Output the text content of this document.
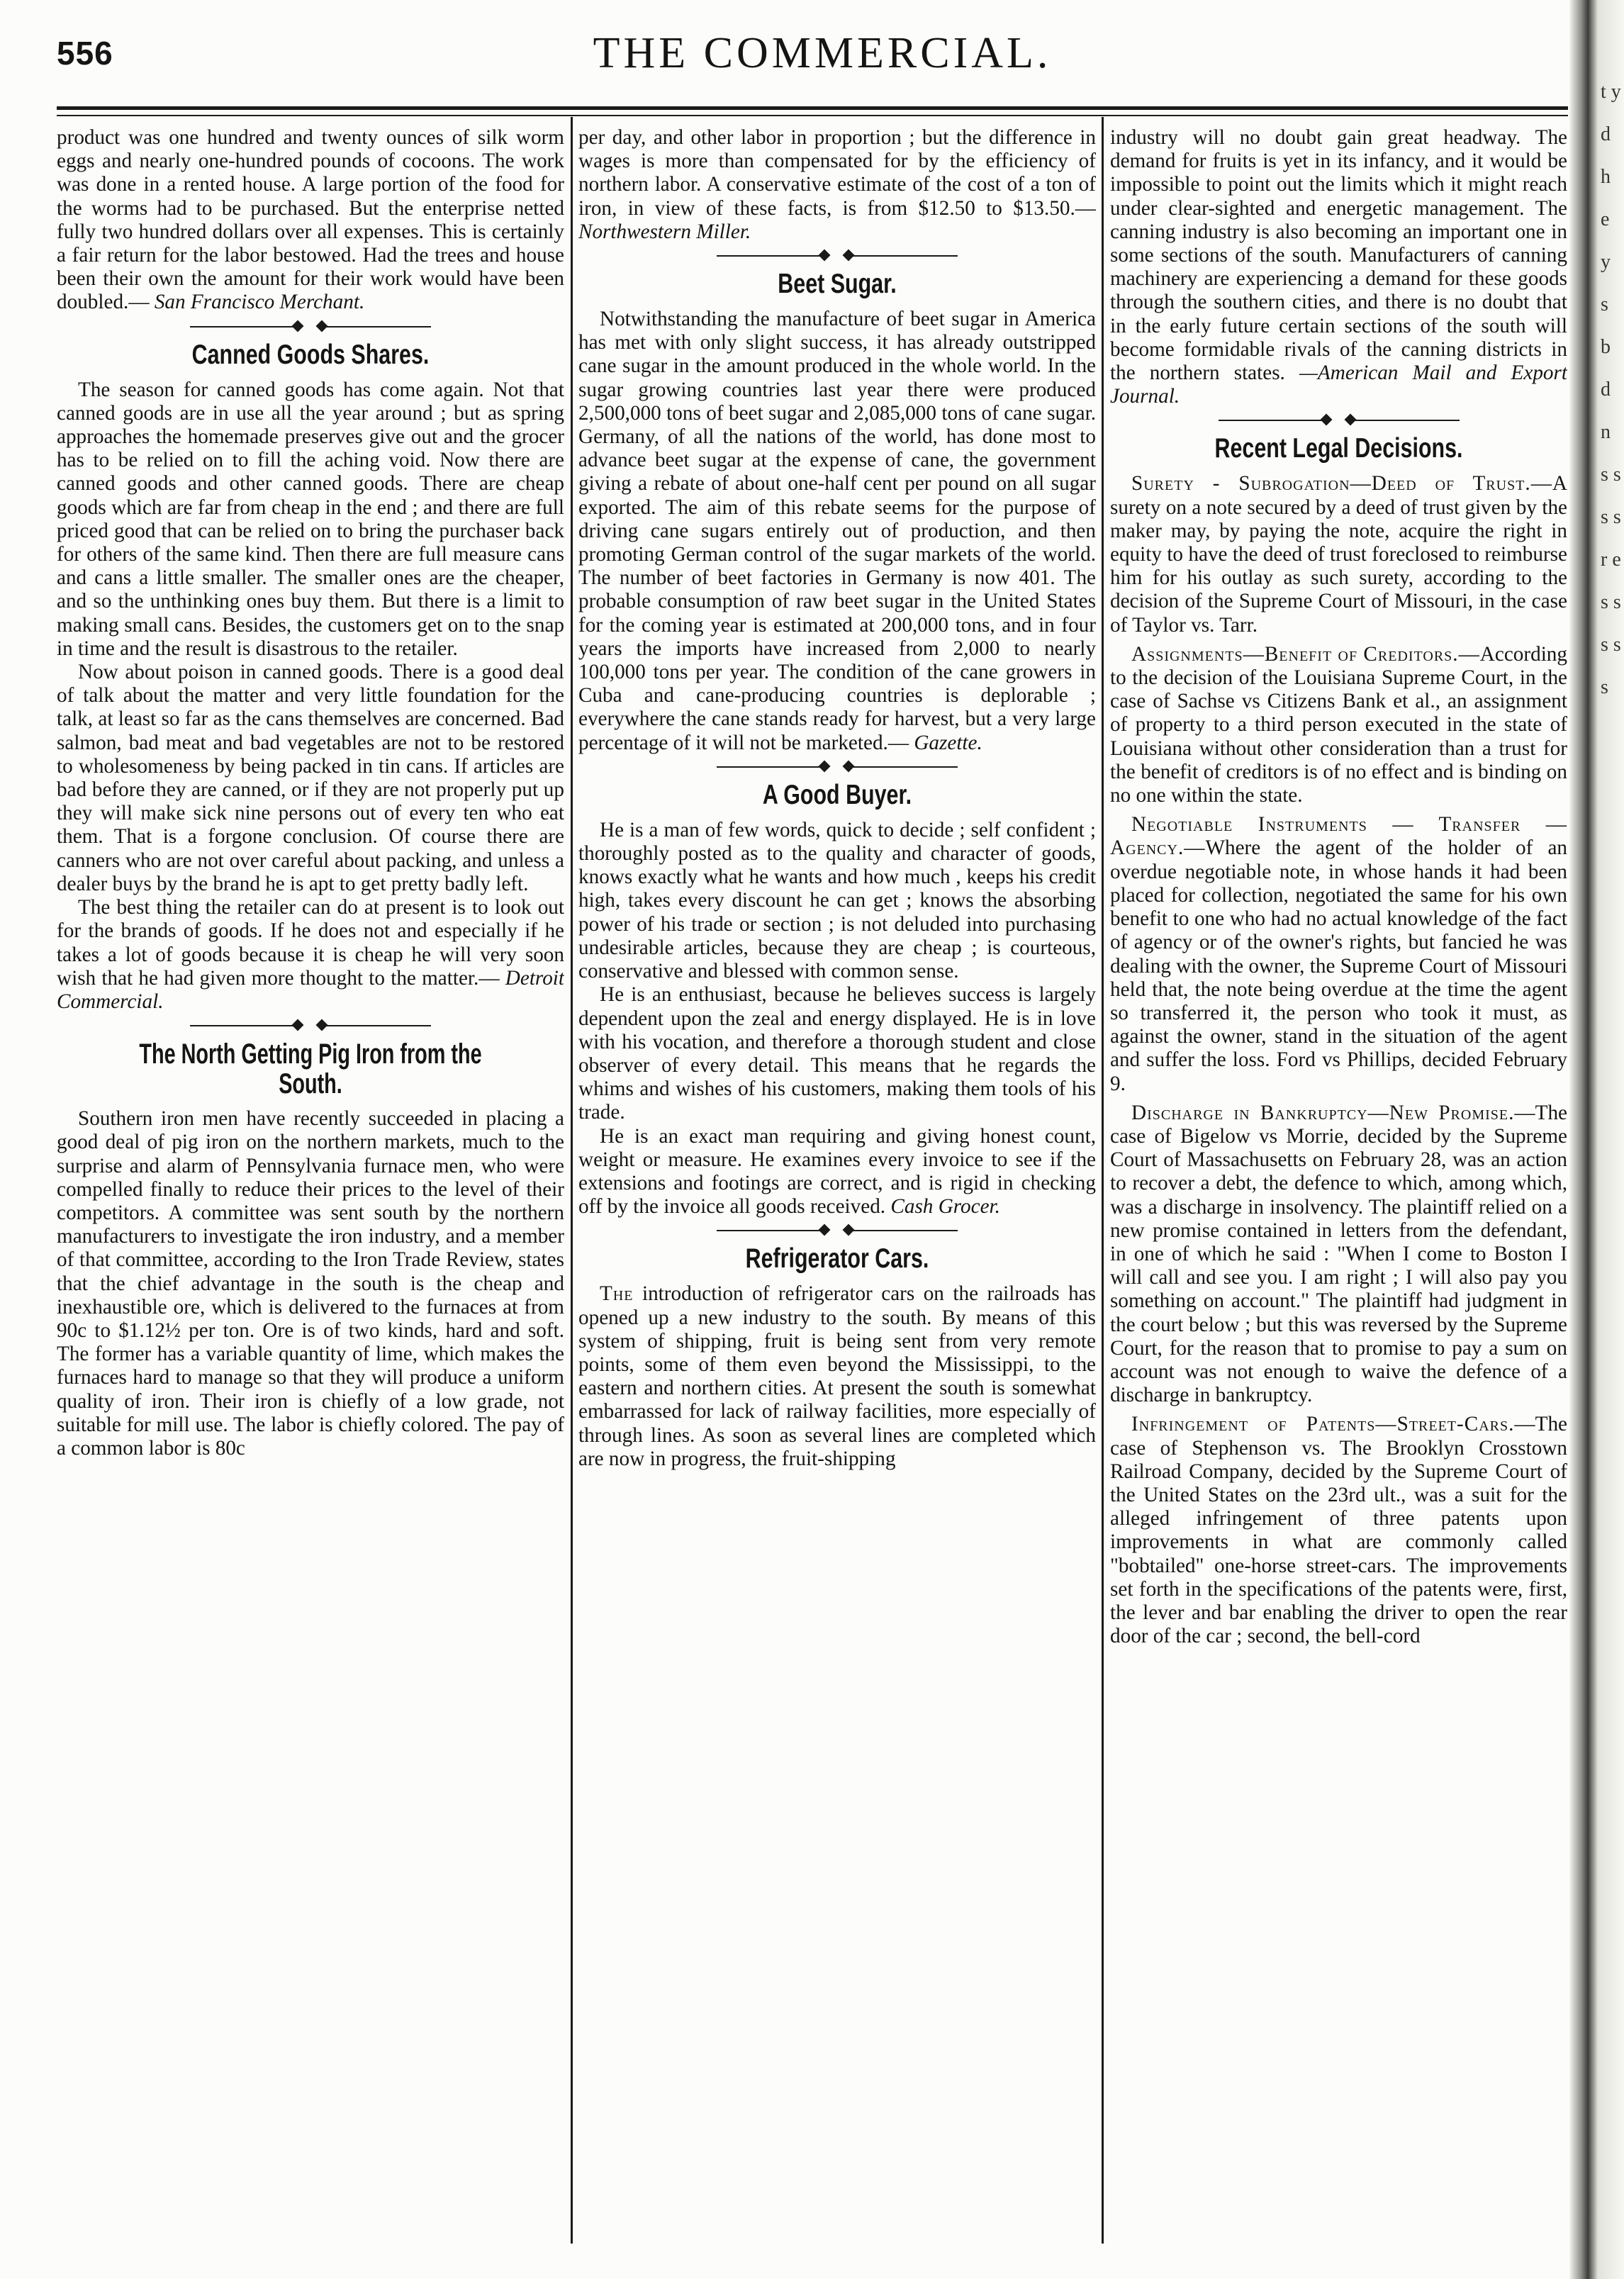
556	THE COMMERCIAL.

product was one hundred and twenty ounces of silk worm eggs and nearly one-hundred pounds of cocoons. The work was done in a rented house. A large portion of the food for the worms had to be purchased. But the enterprise netted fully two hundred dollars over all expenses. This is certainly a fair return for the labor bestowed. Had the trees and house been their own the amount for their work would have been doubled.— San Francisco Merchant.

Canned Goods Shares.

The season for canned goods has come again. Not that canned goods are in use all the year around ; but as spring approaches the homemade preserves give out and the grocer has to be relied on to fill the aching void. Now there are canned goods and other canned goods. There are cheap goods which are far from cheap in the end ; and there are full priced good that can be relied on to bring the purchaser back for others of the same kind. Then there are full measure cans and cans a little smaller. The smaller ones are the cheaper, and so the unthinking ones buy them. But there is a limit to making small cans. Besides, the customers get on to the snap in time and the result is disastrous to the retailer.

Now about poison in canned goods. There is a good deal of talk about the matter and very little foundation for the talk, at least so far as the cans themselves are concerned. Bad salmon, bad meat and bad vegetables are not to be restored to wholesomeness by being packed in tin cans. If articles are bad before they are canned, or if they are not properly put up they will make sick nine persons out of every ten who eat them. That is a forgone conclusion. Of course there are canners who are not over careful about packing, and unless a dealer buys by the brand he is apt to get pretty badly left.

The best thing the retailer can do at present is to look out for the brands of goods. If he does not and especially if he takes a lot of goods because it is cheap he will very soon wish that he had given more thought to the matter.— Detroit Commercial.

The North Getting Pig Iron from the South.

Southern iron men have recently succeeded in placing a good deal of pig iron on the northern markets, much to the surprise and alarm of Pennsylvania furnace men, who were compelled finally to reduce their prices to the level of their competitors. A committee was sent south by the northern manufacturers to investigate the iron industry, and a member of that committee, according to the Iron Trade Review, states that the chief advantage in the south is the cheap and inexhaustible ore, which is delivered to the furnaces at from 90c to $1.12½ per ton. Ore is of two kinds, hard and soft. The former has a variable quantity of lime, which makes the furnaces hard to manage so that they will produce a uniform quality of iron. Their iron is chiefly of a low grade, not suitable for mill use. The labor is chiefly colored. The pay of a common labor is 80c

per day, and other labor in proportion ; but the difference in wages is more than compensated for by the efficiency of northern labor. A conservative estimate of the cost of a ton of iron, in view of these facts, is from $12.50 to $13.50.— Northwestern Miller.

Beet Sugar.

Notwithstanding the manufacture of beet sugar in America has met with only slight success, it has already outstripped cane sugar in the amount produced in the whole world. In the sugar growing countries last year there were produced 2,500,000 tons of beet sugar and 2,085,000 tons of cane sugar. Germany, of all the nations of the world, has done most to advance beet sugar at the expense of cane, the government giving a rebate of about one-half cent per pound on all sugar exported. The aim of this rebate seems for the purpose of driving cane sugars entirely out of production, and then promoting German control of the sugar markets of the world. The number of beet factories in Germany is now 401. The probable consumption of raw beet sugar in the United States for the coming year is estimated at 200,000 tons, and in four years the imports have increased from 2,000 to nearly 100,000 tons per year. The condition of the cane growers in Cuba and cane-producing countries is deplorable ; everywhere the cane stands ready for harvest, but a very large percentage of it will not be marketed.— Gazette.

A Good Buyer.

He is a man of few words, quick to decide ; self confident ; thoroughly posted as to the quality and character of goods, knows exactly what he wants and how much , keeps his credit high, takes every discount he can get ; knows the absorbing power of his trade or section ; is not deluded into purchasing undesirable articles, because they are cheap ; is courteous, conservative and blessed with common sense.

He is an enthusiast, because he believes success is largely dependent upon the zeal and energy displayed. He is in love with his vocation, and therefore a thorough student and close observer of every detail. This means that he regards the whims and wishes of his customers, making them tools of his trade.

He is an exact man requiring and giving honest count, weight or measure. He examines every invoice to see if the extensions and footings are correct, and is rigid in checking off by the invoice all goods received. Cash Grocer.

Refrigerator Cars.

The introduction of refrigerator cars on the railroads has opened up a new industry to the south. By means of this system of shipping, fruit is being sent from very remote points, some of them even beyond the Mississippi, to the eastern and northern cities. At present the south is somewhat embarrassed for lack of railway facilities, more especially of through lines. As soon as several lines are completed which are now in progress, the fruit-shipping

industry will no doubt gain great headway. The demand for fruits is yet in its infancy, and it would be impossible to point out the limits which it might reach under clear-sighted and energetic management. The canning industry is also becoming an important one in some sections of the south. Manufacturers of canning machinery are experiencing a demand for these goods through the southern cities, and there is no doubt that in the early future certain sections of the south will become formidable rivals of the canning districts in the northern states. —American Mail and Export Journal.

Recent Legal Decisions.

Surety - Subrogation—Deed of Trust.—A surety on a note secured by a deed of trust given by the maker may, by paying the note, acquire the right in equity to have the deed of trust foreclosed to reimburse him for his outlay as such surety, according to the decision of the Supreme Court of Missouri, in the case of Taylor vs. Tarr.

Assignments—Benefit of Creditors.—According to the decision of the Louisiana Supreme Court, in the case of Sachse vs Citizens Bank et al., an assignment of property to a third person executed in the state of Louisiana without other consideration than a trust for the benefit of creditors is of no effect and is binding on no one within the state.

Negotiable Instruments — Transfer — Agency.—Where the agent of the holder of an overdue negotiable note, in whose hands it had been placed for collection, negotiated the same for his own benefit to one who had no actual knowledge of the fact of agency or of the owner's rights, but fancied he was dealing with the owner, the Supreme Court of Missouri held that, the note being overdue at the time the agent so transferred it, the person who took it must, as against the owner, stand in the situation of the agent and suffer the loss. Ford vs Phillips, decided February 9.

Discharge in Bankruptcy—New Promise.—The case of Bigelow vs Morrie, decided by the Supreme Court of Massachusetts on February 28, was an action to recover a debt, the defence to which, among which, was a discharge in insolvency. The plaintiff relied on a new promise contained in letters from the defendant, in one of which he said : "When I come to Boston I will call and see you. I am right ; I will also pay you something on account." The plaintiff had judgment in the court below ; but this was reversed by the Supreme Court, for the reason that to promise to pay a sum on account was not enough to waive the defence of a discharge in bankruptcy.

Infringement of Patents—Street-Cars.—The case of Stephenson vs. The Brooklyn Crosstown Railroad Company, decided by the Supreme Court of the United States on the 23rd ult., was a suit for the alleged infringement of three patents upon improvements in what are commonly called "bobtailed" one-horse street-cars. The improvements set forth in the specifications of the patents were, first, the lever and bar enabling the driver to open the rear door of the car ; second, the bell-cord

t y d h e y s b d n s s s s r e s s s s s
